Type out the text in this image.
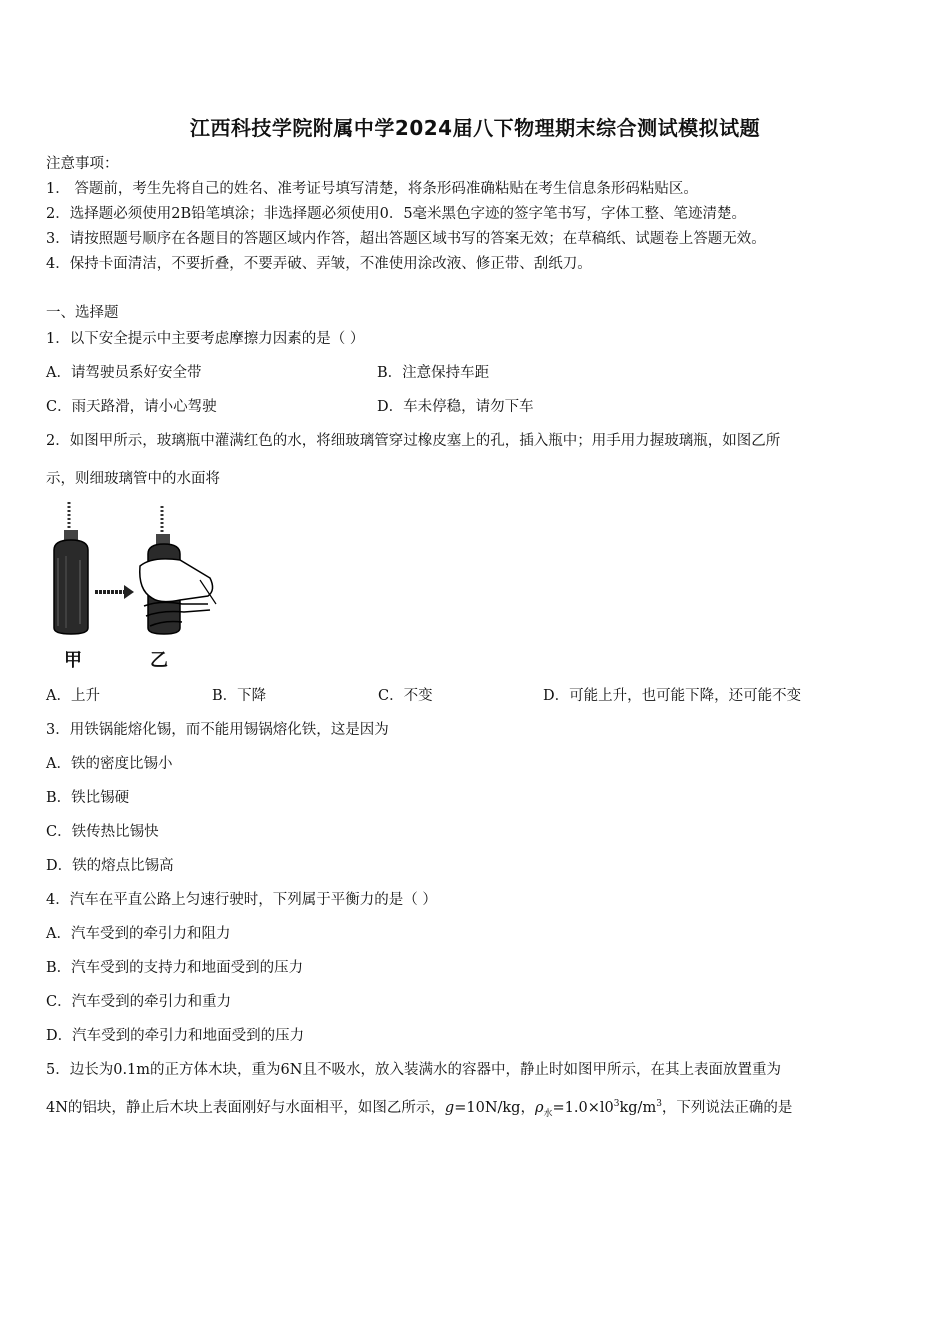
江西科技学院附属中学2024届八下物理期末综合测试模拟试题
注意事项：
1． 答题前，考生先将自己的姓名、准考证号填写清楚，将条形码准确粘贴在考生信息条形码粘贴区。
2．选择题必须使用2B铅笔填涂；非选择题必须使用0．5毫米黑色字迹的签字笔书写，字体工整、笔迹清楚。
3．请按照题号顺序在各题目的答题区域内作答，超出答题区域书写的答案无效；在草稿纸、试题卷上答题无效。
4．保持卡面清洁，不要折叠，不要弄破、弄皱，不准使用涂改液、修正带、刮纸刀。
一、选择题
1．以下安全提示中主要考虑摩擦力因素的是（ ）
A．请驾驶员系好安全带	B．注意保持车距
C．雨天路滑，请小心驾驶	D．车未停稳，请勿下车
2．如图甲所示，玻璃瓶中灌满红色的水，将细玻璃管穿过橡皮塞上的孔，插入瓶中；用手用力握玻璃瓶，如图乙所
示，则细玻璃管中的水面将
甲	乙
A．上升	B．下降	C．不变	D．可能上升，也可能下降，还可能不变
3．用铁锅能熔化锡，而不能用锡锅熔化铁，这是因为
A．铁的密度比锡小
B．铁比锡硬
C．铁传热比锡快
D．铁的熔点比锡高
4．汽车在平直公路上匀速行驶时，下列属于平衡力的是（ ）
A．汽车受到的牵引力和阻力
B．汽车受到的支持力和地面受到的压力
C．汽车受到的牵引力和重力
D．汽车受到的牵引力和地面受到的压力
5．边长为0.1m的正方体木块，重为6N且不吸水，放入装满水的容器中，静止时如图甲所示，在其上表面放置重为
4N的铝块，静止后木块上表面刚好与水面相平，如图乙所示，g=10N/kg，$\rho_水=1.0\times l0^3kg/m^3$，下列说法正确的是
